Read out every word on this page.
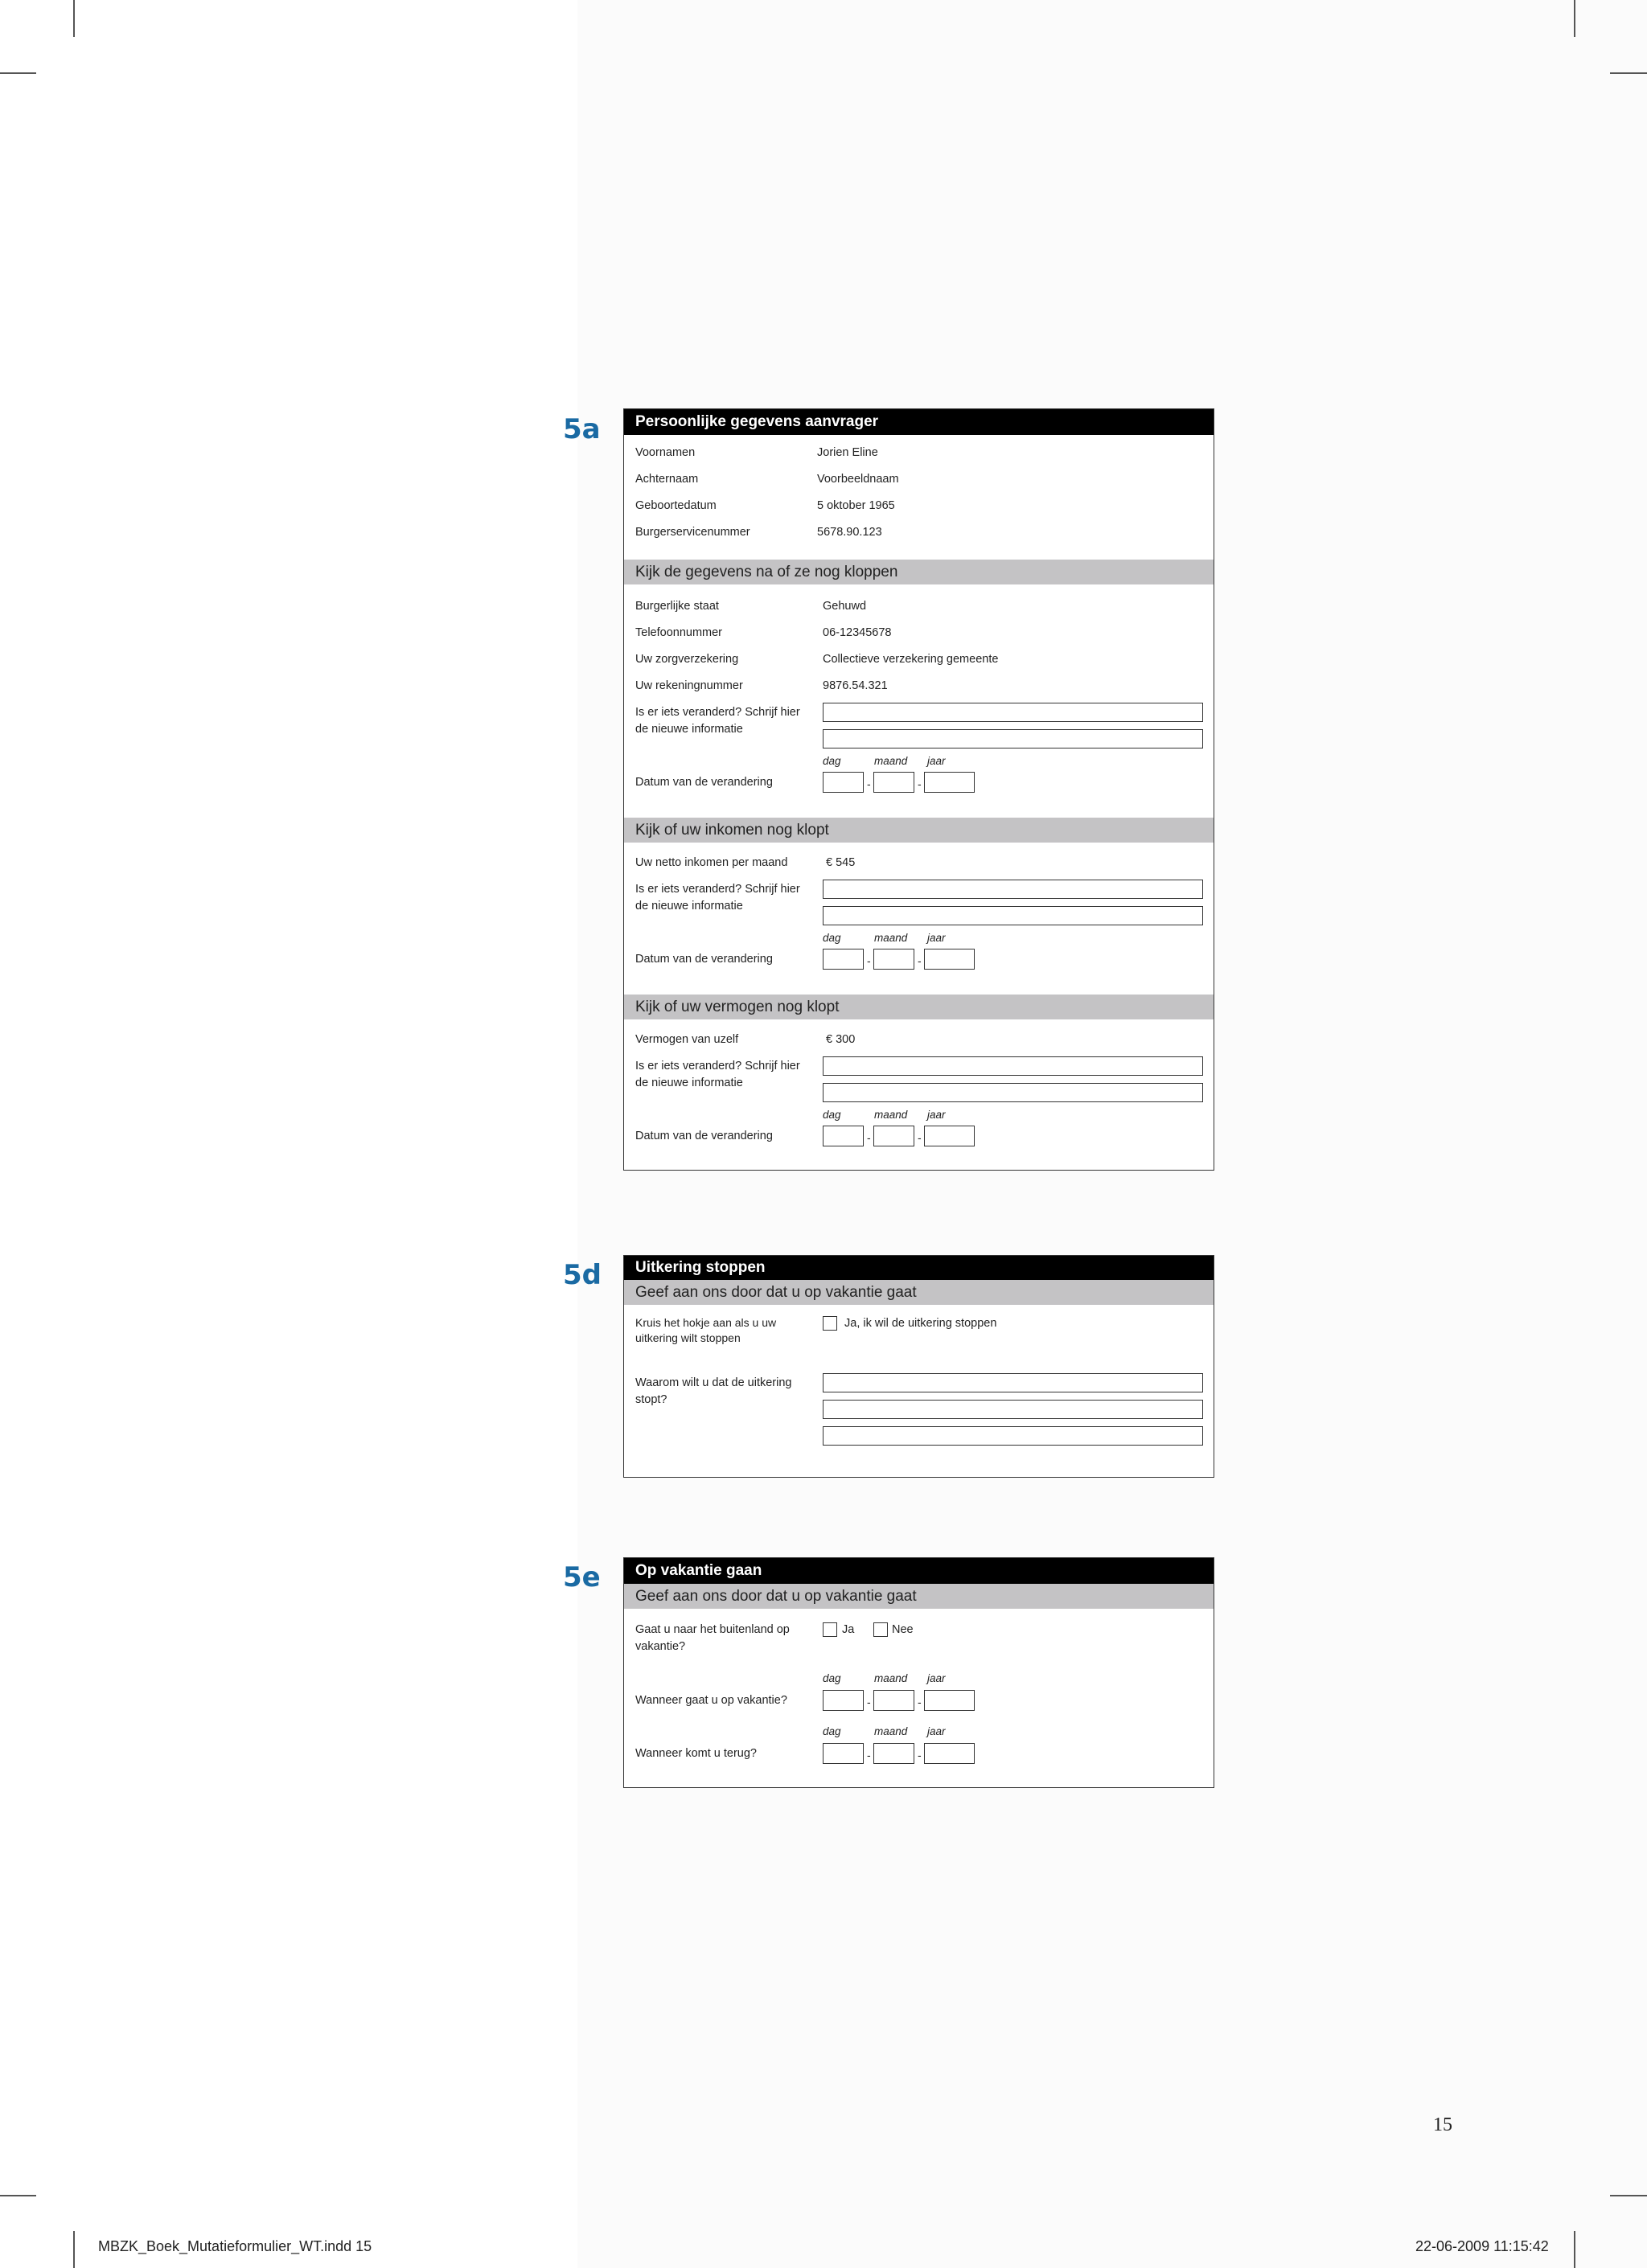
5a	Persoonlijke gegevens aanvrager
Voornamen	Jorien Eline
Achternaam	Voorbeeldnaam
Geboortedatum	5 oktober 1965
Burgerservicenummer	5678.90.123
Kijk de gegevens na of ze nog kloppen
Burgerlijke staat	Gehuwd
Telefoonnummer	06-12345678
Uw zorgverzekering	Collectieve verzekering gemeente
Uw rekeningnummer	9876.54.321
Is er iets veranderd? Schrijf hier
de nieuwe informatie
dag	maand jaar
Datum van de verandering	-	-
Kijk of uw inkomen nog klopt
Uw netto inkomen per maand	€ 545
Is er iets veranderd? Schrijf hier
de nieuwe informatie
dag	maand jaar
Datum van de verandering	-	-
Kijk of uw vermogen nog klopt
Vermogen van uzelf	€ 300
Is er iets veranderd? Schrijf hier
de nieuwe informatie
dag	maand jaar
Datum van de verandering	-	-
5d	Uitkering stoppen
Geef aan ons door dat u op vakantie gaat
Kruis het hokje aan als u uw
uitkering wilt stoppen
Ja, ik wil de uitkering stoppen
Waarom wilt u dat de uitkering
stopt?
5e	Op vakantie gaan
Geef aan ons door dat u op vakantie gaat
Gaat u naar het buitenland op
vakantie?
Ja	Nee
dag	maand jaar
Wanneer gaat u op vakantie?	-	-
dag	maand jaar
Wanneer komt u terug?	-	-
15
MBZK_Boek_Mutatieformulier_WT.indd 15	22-06-2009 11:15:42
